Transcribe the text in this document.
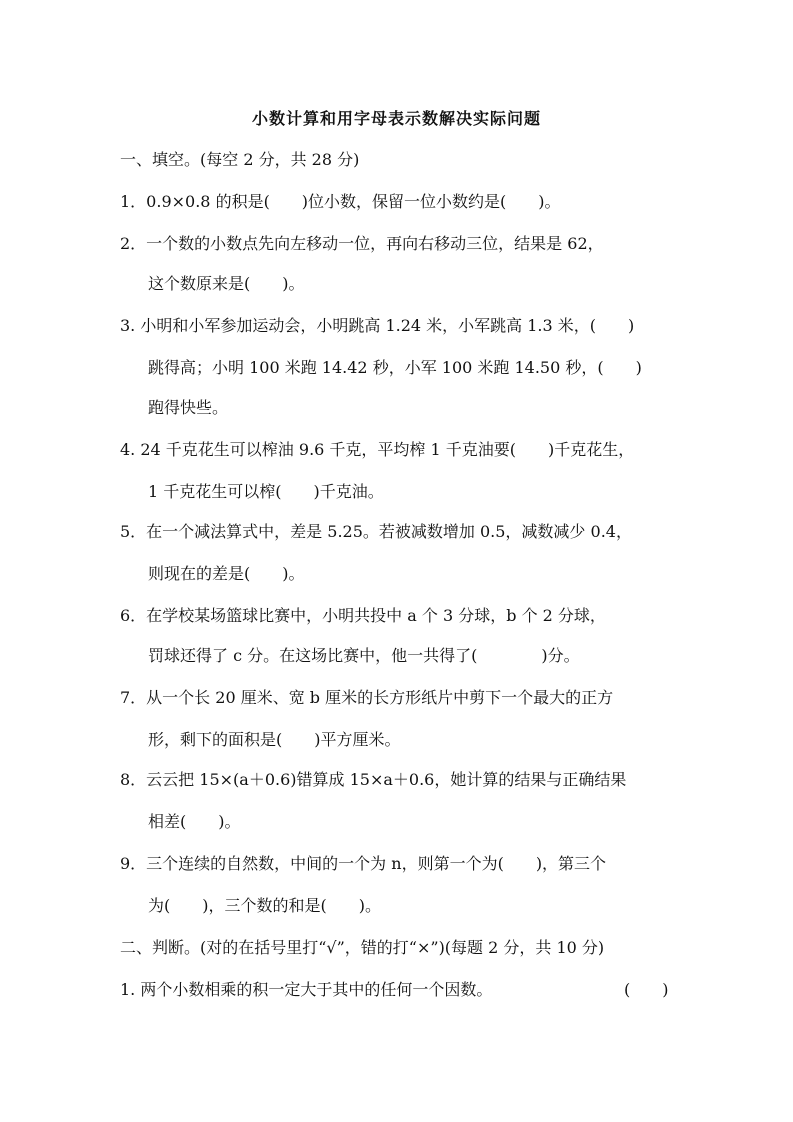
小数计算和用字母表示数解决实际问题
一、填空。(每空 2 分，共 28 分)
1．0.9×0.8 的积是(　　)位小数，保留一位小数约是(　　)。
2．一个数的小数点先向左移动一位，再向右移动三位，结果是 62，
这个数原来是(　　)。
3. 小明和小军参加运动会，小明跳高 1.24 米，小军跳高 1.3 米，(　　)
跳得高；小明 100 米跑 14.42 秒，小军 100 米跑 14.50 秒，(　　)
跑得快些。
4. 24 千克花生可以榨油 9.6 千克，平均榨 1 千克油要(　　)千克花生，
1 千克花生可以榨(　　)千克油。
5．在一个减法算式中，差是 5.25。若被减数增加 0.5，减数减少 0.4，
则现在的差是(　　)。
6．在学校某场篮球比赛中，小明共投中 a 个 3 分球，b 个 2 分球，
罚球还得了 c 分。在这场比赛中，他一共得了(　　　　)分。
7．从一个长 20 厘米、宽 b 厘米的长方形纸片中剪下一个最大的正方
形，剩下的面积是(　　)平方厘米。
8．云云把 15×(a＋0.6)错算成 15×a＋0.6，她计算的结果与正确结果
相差(　　)。
9．三个连续的自然数，中间的一个为 n，则第一个为(　　)，第三个
为(　　)，三个数的和是(　　)。
二、判断。(对的在括号里打“√”，错的打“×”)(每题 2 分，共 10 分)
1. 两个小数相乘的积一定大于其中的任何一个因数。	(　　)
